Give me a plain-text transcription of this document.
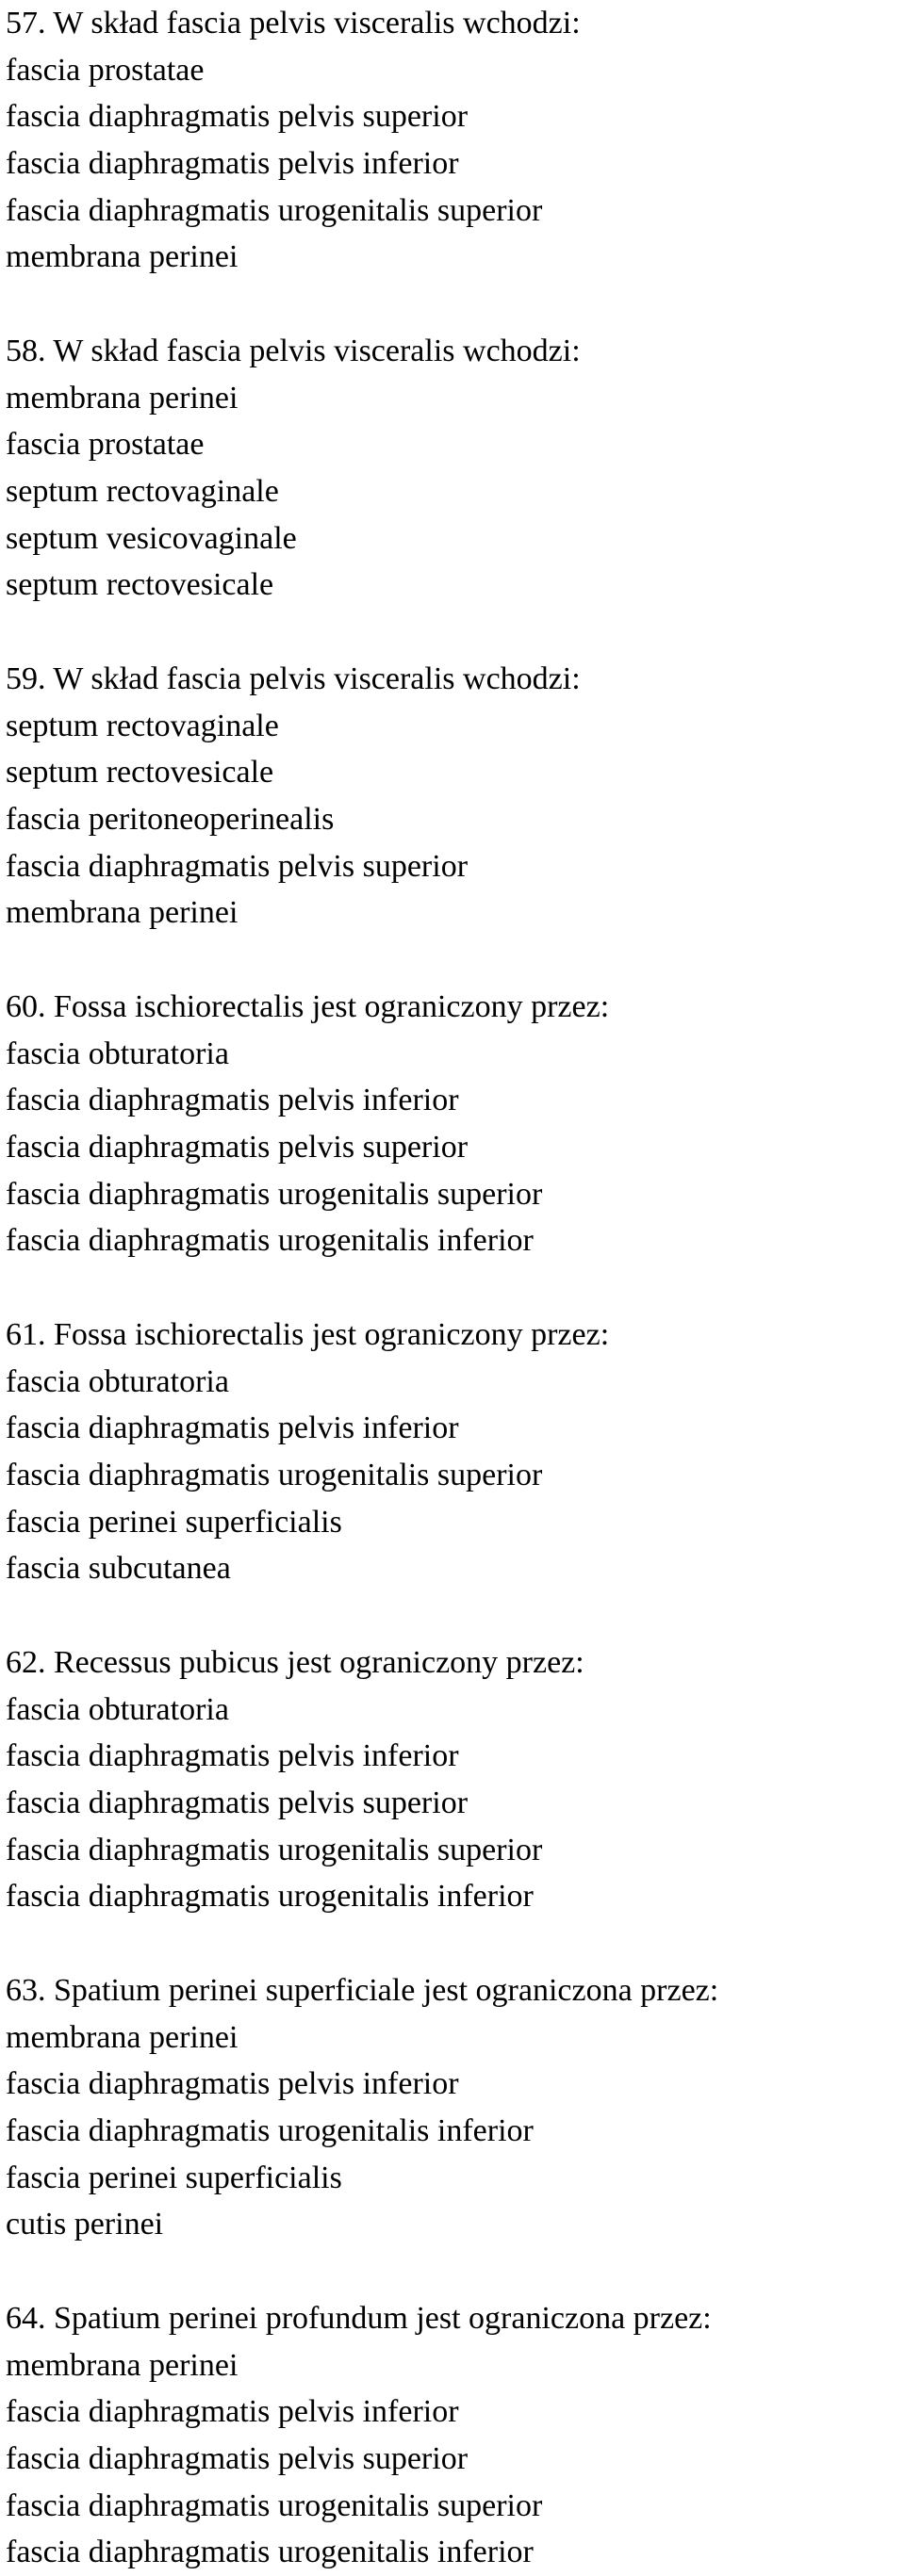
57. W skład fascia pelvis visceralis wchodzi:
fascia prostatae
fascia diaphragmatis pelvis superior
fascia diaphragmatis pelvis inferior
fascia diaphragmatis urogenitalis superior
membrana perinei
58. W skład fascia pelvis visceralis wchodzi:
membrana perinei
fascia prostatae
septum rectovaginale
septum vesicovaginale
septum rectovesicale
59. W skład fascia pelvis visceralis wchodzi:
septum rectovaginale
septum rectovesicale
fascia peritoneoperinealis
fascia diaphragmatis pelvis superior
membrana perinei
60. Fossa ischiorectalis jest ograniczony przez:
fascia obturatoria
fascia diaphragmatis pelvis inferior
fascia diaphragmatis pelvis superior
fascia diaphragmatis urogenitalis superior
fascia diaphragmatis urogenitalis inferior
61. Fossa ischiorectalis jest ograniczony przez:
fascia obturatoria
fascia diaphragmatis pelvis inferior
fascia diaphragmatis urogenitalis superior
fascia perinei superficialis
fascia subcutanea
62. Recessus pubicus jest ograniczony przez:
fascia obturatoria
fascia diaphragmatis pelvis inferior
fascia diaphragmatis pelvis superior
fascia diaphragmatis urogenitalis superior
fascia diaphragmatis urogenitalis inferior
63. Spatium perinei superficiale jest ograniczona przez:
membrana perinei
fascia diaphragmatis pelvis inferior
fascia diaphragmatis urogenitalis inferior
fascia perinei superficialis
cutis perinei
64. Spatium perinei profundum jest ograniczona przez:
membrana perinei
fascia diaphragmatis pelvis inferior
fascia diaphragmatis pelvis superior
fascia diaphragmatis urogenitalis superior
fascia diaphragmatis urogenitalis inferior
